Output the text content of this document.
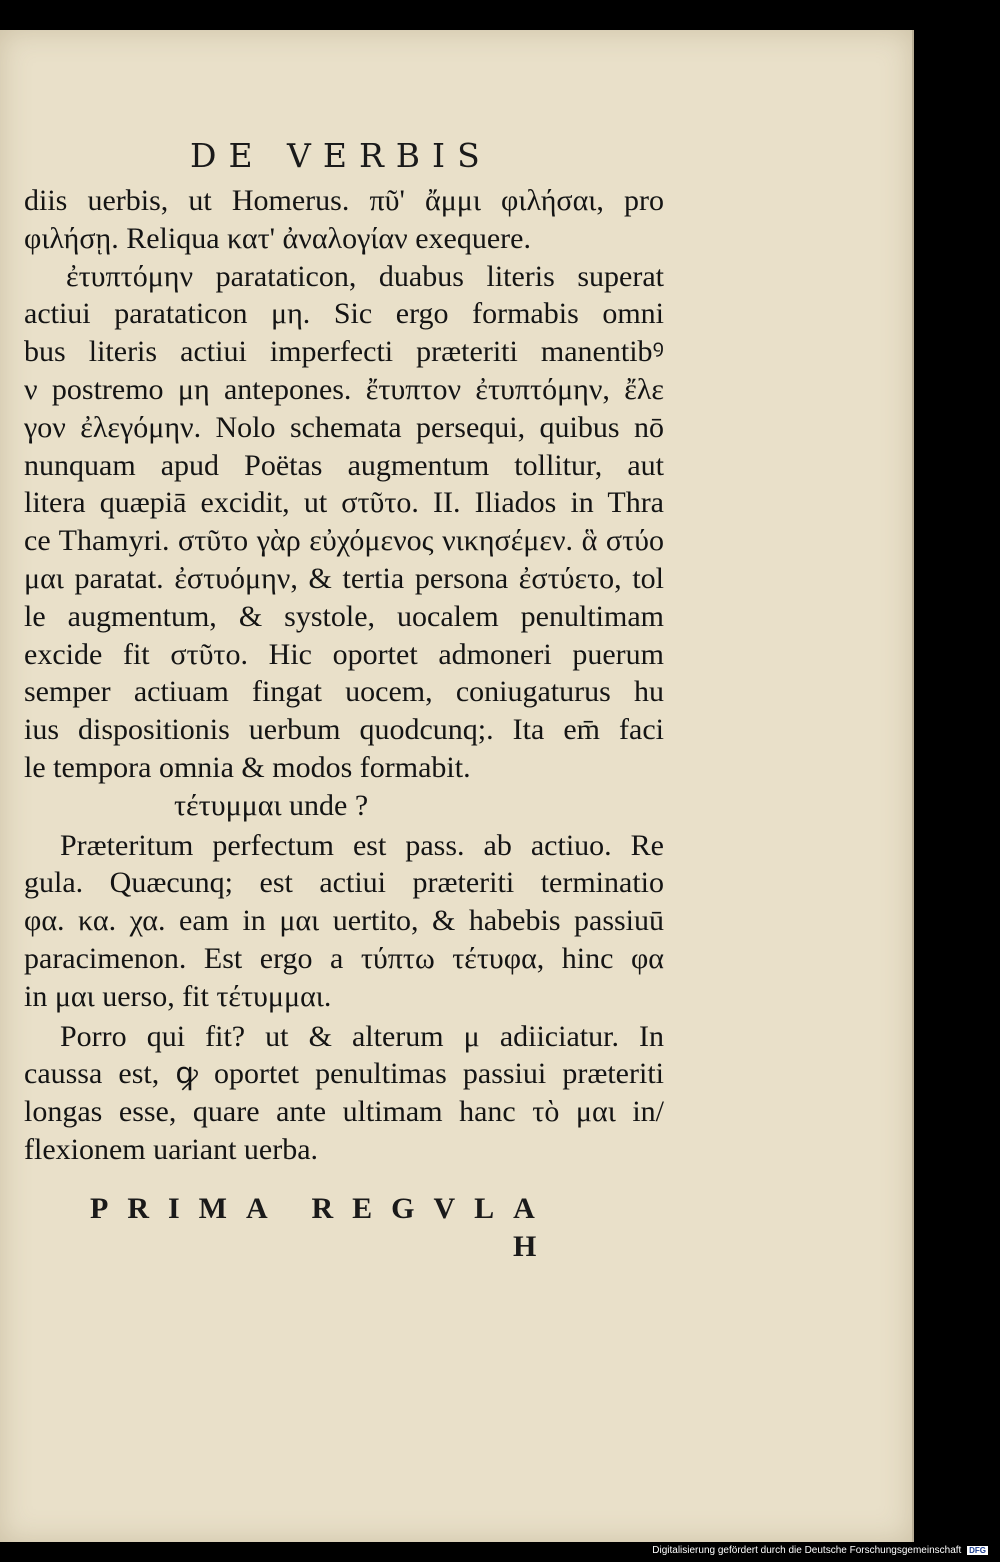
DE VERBIS
diis uerbis, ut Homerus. πῦ' ἄμμι φιλήσαι, pro
φιλήσῃ. Reliqua κατ' ἀναλογίαν exequere.
ἐτυπτόμην parataticon, duabus literis superat
actiui parataticon μη. Sic ergo formabis omni
bus literis actiui imperfecti præteriti manentibꝰ
ν postremo μη antepones. ἔτυπτον ἐτυπτόμην, ἔλε
γον ἐλεγόμην. Nolo schemata persequi, quibus nō
nunquam apud Poëtas augmentum tollitur, aut
litera quæpiā excidit, ut στῦτο. II. Iliados in Thra
ce Thamyri. στῦτο γὰρ εὐχόμενος νικησέμεν. ἃ στύο
μαι paratat. ἐστυόμην, & tertia persona ἐστύετο, tol
le augmentum, & systole, uocalem penultimam
excide fit στῦτο. Hic oportet admoneri puerum
semper actiuam fingat uocem, coniugaturus hu
ius dispositionis uerbum quodcunq;. Ita em̄ faci
le tempora omnia & modos formabit.
τέτυμμαι unde ?
Præteritum perfectum est pass. ab actiuo. Re
gula. Quæcunq; est actiui præteriti terminatio
φα. κα. χα. eam in μαι uertito, & habebis passiuū
paracimenon. Est ergo a τύπτω τέτυφα, hinc φα
in μαι uerso, fit τέτυμμαι.
Porro qui fit? ut & alterum μ adiiciatur. In
caussa est, ꝙ oportet penultimas passiui præteriti
longas esse, quare ante ultimam hanc τὸ μαι in/
flexionem uariant uerba.
PRIMA REGVLA
H
Digitalisierung gefördert durch die Deutsche Forschungsgemeinschaft DFG
